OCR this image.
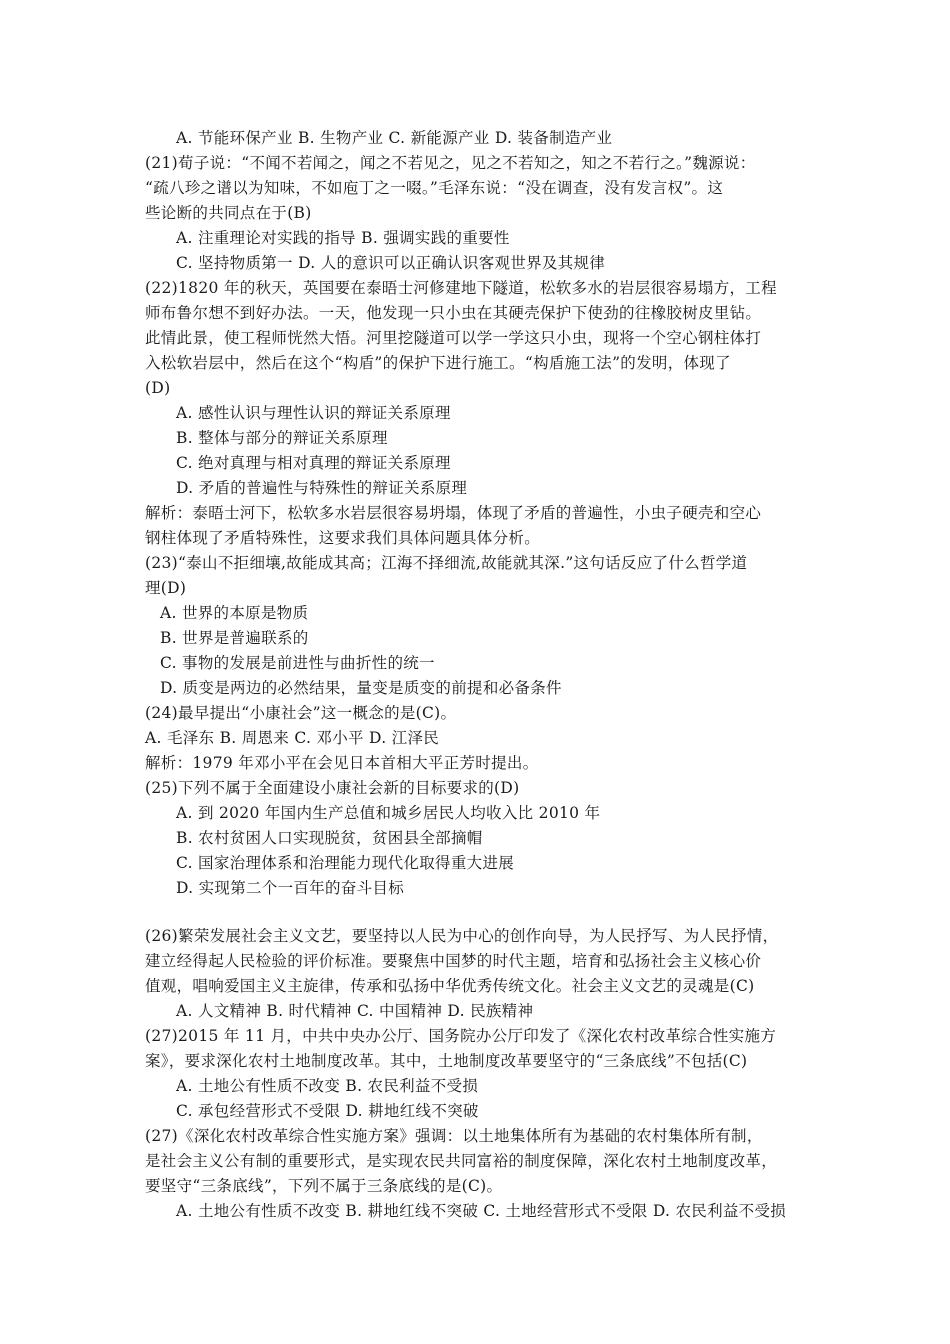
A. 节能环保产业 B. 生物产业 C. 新能源产业 D. 装备制造产业
(21)荀子说：“不闻不若闻之，闻之不若见之，见之不若知之，知之不若行之。”魏源说：
“疏八珍之谱以为知味，不如庖丁之一啜。”毛泽东说：“没在调查，没有发言权”。这
些论断的共同点在于(B)
A. 注重理论对实践的指导 B. 强调实践的重要性
C. 坚持物质第一 D. 人的意识可以正确认识客观世界及其规律
(22)1820 年的秋天，英国要在泰晤士河修建地下隧道，松软多水的岩层很容易塌方，工程
师布鲁尔想不到好办法。一天，他发现一只小虫在其硬壳保护下使劲的往橡胶树皮里钻。
此情此景，使工程师恍然大悟。河里挖隧道可以学一学这只小虫，现将一个空心钢柱体打
入松软岩层中，然后在这个“构盾”的保护下进行施工。“构盾施工法”的发明，体现了
(D)
A. 感性认识与理性认识的辩证关系原理
B. 整体与部分的辩证关系原理
C. 绝对真理与相对真理的辩证关系原理
D. 矛盾的普遍性与特殊性的辩证关系原理
解析：泰晤士河下，松软多水岩层很容易坍塌，体现了矛盾的普遍性，小虫子硬壳和空心
钢柱体现了矛盾特殊性，这要求我们具体问题具体分析。
(23)“泰山不拒细壤,故能成其高；江海不择细流,故能就其深.”这句话反应了什么哲学道
理(D)
A. 世界的本原是物质
B. 世界是普遍联系的
C. 事物的发展是前进性与曲折性的统一
D. 质变是两边的必然结果，量变是质变的前提和必备条件
(24)最早提出“小康社会”这一概念的是(C)。
A. 毛泽东 B. 周恩来 C. 邓小平 D. 江泽民
解析：1979 年邓小平在会见日本首相大平正芳时提出。
(25)下列不属于全面建设小康社会新的目标要求的(D)
A. 到 2020 年国内生产总值和城乡居民人均收入比 2010 年
B. 农村贫困人口实现脱贫，贫困县全部摘帽
C. 国家治理体系和治理能力现代化取得重大进展
D. 实现第二个一百年的奋斗目标
(26)繁荣发展社会主义文艺，要坚持以人民为中心的创作向导，为人民抒写、为人民抒情，
建立经得起人民检验的评价标准。要聚焦中国梦的时代主题，培育和弘扬社会主义核心价
值观，唱响爱国主义主旋律，传承和弘扬中华优秀传统文化。社会主义文艺的灵魂是(C)
A. 人文精神 B. 时代精神 C. 中国精神 D. 民族精神
(27)2015 年 11 月，中共中央办公厅、国务院办公厅印发了《深化农村改革综合性实施方
案》，要求深化农村土地制度改革。其中，土地制度改革要坚守的“三条底线”不包括(C)
A. 土地公有性质不改变 B. 农民利益不受损
C. 承包经营形式不受限 D. 耕地红线不突破
(27)《深化农村改革综合性实施方案》强调：以土地集体所有为基础的农村集体所有制，
是社会主义公有制的重要形式，是实现农民共同富裕的制度保障，深化农村土地制度改革，
要坚守“三条底线”，下列不属于三条底线的是(C)。
A. 土地公有性质不改变 B. 耕地红线不突破 C. 土地经营形式不受限 D. 农民利益不受损
